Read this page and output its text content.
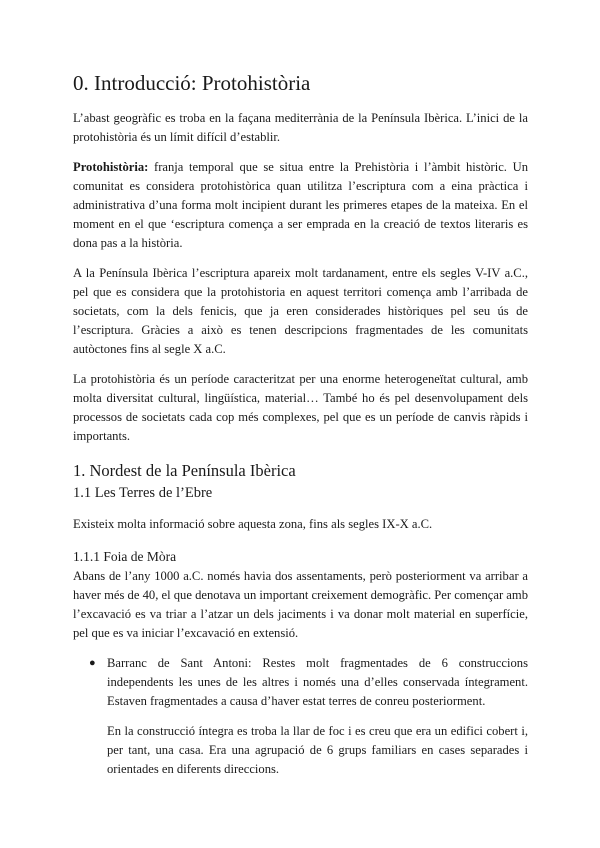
0. Introducció: Protohistòria

L’abast geogràfic es troba en la façana mediterrània de la Península Ibèrica. L’inici de la protohistòria és un límit difícil d’establir.

Protohistòria: franja temporal que se situa entre la Prehistòria i l’àmbit històric. Un comunitat es considera protohistòrica quan utilitza l’escriptura com a eina pràctica i administrativa d’una forma molt incipient durant les primeres etapes de la mateixa. En el moment en el que ‘escriptura comença a ser emprada en la creació de textos literaris es dona pas a la història.

A la Península Ibèrica l’escriptura apareix molt tardanament, entre els segles V-IV a.C., pel que es considera que la protohistoria en aquest territori comença amb l’arribada de societats, com la dels fenicis, que ja eren considerades històriques pel seu ús de l’escriptura. Gràcies a això es tenen descripcions fragmentades de les comunitats autòctones fins al segle X a.C.

La protohistòria és un període caracteritzat per una enorme heterogeneïtat cultural, amb molta diversitat cultural, lingüística, material… També ho és pel desenvolupament dels processos de societats cada cop més complexes, pel que es un període de canvis ràpids i importants.

1. Nordest de la Península Ibèrica
1.1 Les Terres de l’Ebre

Existeix molta informació sobre aquesta zona, fins als segles IX-X a.C.

1.1.1 Foia de Mòra

Abans de l’any 1000 a.C. només havia dos assentaments, però posteriorment va arribar a haver més de 40, el que denotava un important creixement demogràfic. Per començar amb l’excavació es va triar a l’atzar un dels jaciments i va donar molt material en superfície, pel que es va iniciar l’excavació en extensió.

● Barranc de Sant Antoni: Restes molt fragmentades de 6 construccions independents les unes de les altres i només una d’elles conservada íntegrament. Estaven fragmentades a causa d’haver estat terres de conreu posteriorment.

En la construcció íntegra es troba la llar de foc i es creu que era un edifici cobert i, per tant, una casa. Era una agrupació de 6 grups familiars en cases separades i orientades en diferents direccions.
